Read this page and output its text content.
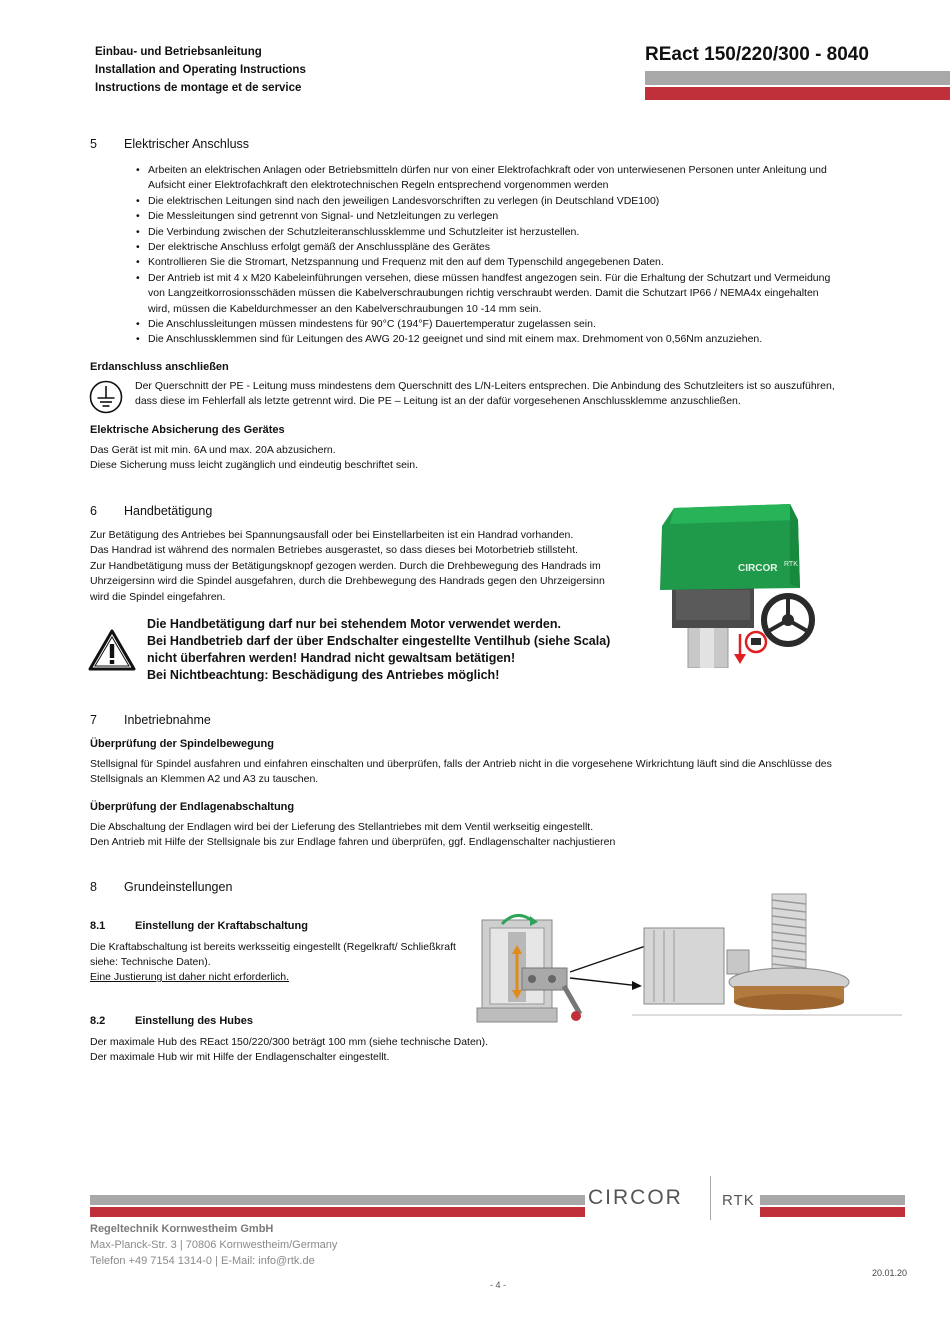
Einbau- und Betriebsanleitung
Installation and Operating Instructions
Instructions de montage et de service
REact 150/220/300 - 8040
5 Elektrischer Anschluss
• Arbeiten an elektrischen Anlagen oder Betriebsmitteln dürfen nur von einer Elektrofachkraft oder von unterwiesenen Personen unter Anleitung und Aufsicht einer Elektrofachkraft den elektrotechnischen Regeln entsprechend vorgenommen werden
• Die elektrischen Leitungen sind nach den jeweiligen Landesvorschriften zu verlegen (in Deutschland VDE100)
• Die Messleitungen sind getrennt von Signal- und Netzleitungen zu verlegen
• Die Verbindung zwischen der Schutzleiteranschlussklemme und Schutzleiter ist herzustellen.
• Der elektrische Anschluss erfolgt gemäß der Anschlusspläne des Gerätes
• Kontrollieren Sie die Stromart, Netzspannung und Frequenz mit den auf dem Typenschild angegebenen Daten.
• Der Antrieb ist mit 4 x M20 Kabeleinführungen versehen, diese müssen handfest angezogen sein. Für die Erhaltung der Schutzart und Vermeidung von Langzeitkorrosionsschäden müssen die Kabelverschraubungen richtig verschraubt werden. Damit die Schutzart IP66 / NEMA4x eingehalten wird, müssen die Kabeldurchmesser an den Kabelverschraubungen 10 -14 mm sein.
• Die Anschlussleitungen müssen mindestens für 90°C (194°F) Dauertemperatur zugelassen sein.
• Die Anschlussklemmen sind für Leitungen des AWG 20-12 geeignet und sind mit einem max. Drehmoment von 0,56Nm anzuziehen.
Erdanschluss anschließen
Der Querschnitt der PE - Leitung muss mindestens dem Querschnitt des L/N-Leiters entsprechen. Die Anbindung des Schutzleiters ist so auszuführen, dass diese im Fehlerfall als letzte getrennt wird. Die PE – Leitung ist an der dafür vorgesehenen Anschlussklemme anzuschließen.
Elektrische Absicherung des Gerätes
Das Gerät ist mit min. 6A und max. 20A abzusichern.
Diese Sicherung muss leicht zugänglich und eindeutig beschriftet sein.
6 Handbetätigung
Zur Betätigung des Antriebes bei Spannungsausfall oder bei Einstellarbeiten ist ein Handrad vorhanden.
Das Handrad ist während des normalen Betriebes ausgerastet, so dass dieses bei Motorbetrieb stillsteht.
Zur Handbetätigung muss der Betätigungsknopf gezogen werden. Durch die Drehbewegung des Handrads im
Uhrzeigersinn wird die Spindel ausgefahren, durch die Drehbewegung des Handrads gegen den Uhrzeigersinn
wird die Spindel eingefahren.
Die Handbetätigung darf nur bei stehendem Motor verwendet werden.
Bei Handbetrieb darf der über Endschalter eingestellte Ventilhub (siehe Scala)
nicht überfahren werden! Handrad nicht gewaltsam betätigen!
Bei Nichtbeachtung: Beschädigung des Antriebes möglich!
CIRCOR RTK
7 Inbetriebnahme
Überprüfung der Spindelbewegung
Stellsignal für Spindel ausfahren und einfahren einschalten und überprüfen, falls der Antrieb nicht in die vorgesehene Wirkrichtung läuft sind die Anschlüsse des
Stellsignals an Klemmen A2 und A3 zu tauschen.
Überprüfung der Endlagenabschaltung
Die Abschaltung der Endlagen wird bei der Lieferung des Stellantriebes mit dem Ventil werkseitig eingestellt.
Den Antrieb mit Hilfe der Stellsignale bis zur Endlage fahren und überprüfen, ggf. Endlagenschalter nachjustieren
8 Grundeinstellungen
8.1	Einstellung der Kraftabschaltung
Die Kraftabschaltung ist bereits werksseitig eingestellt (Regelkraft/ Schließkraft
siehe: Technische Daten).
Eine Justierung ist daher nicht erforderlich.
8.2	Einstellung des Hubes
Der maximale Hub des REact 150/220/300 beträgt 100 mm (siehe technische Daten).
Der maximale Hub wir mit Hilfe der Endlagenschalter eingestellt.
CIRCOR	RTK
Regeltechnik Kornwestheim GmbH
Max-Planck-Str. 3 | 70806 Kornwestheim/Germany
Telefon +49 7154 1314-0 | E-Mail: info@rtk.de
20.01.20
- 4 -
